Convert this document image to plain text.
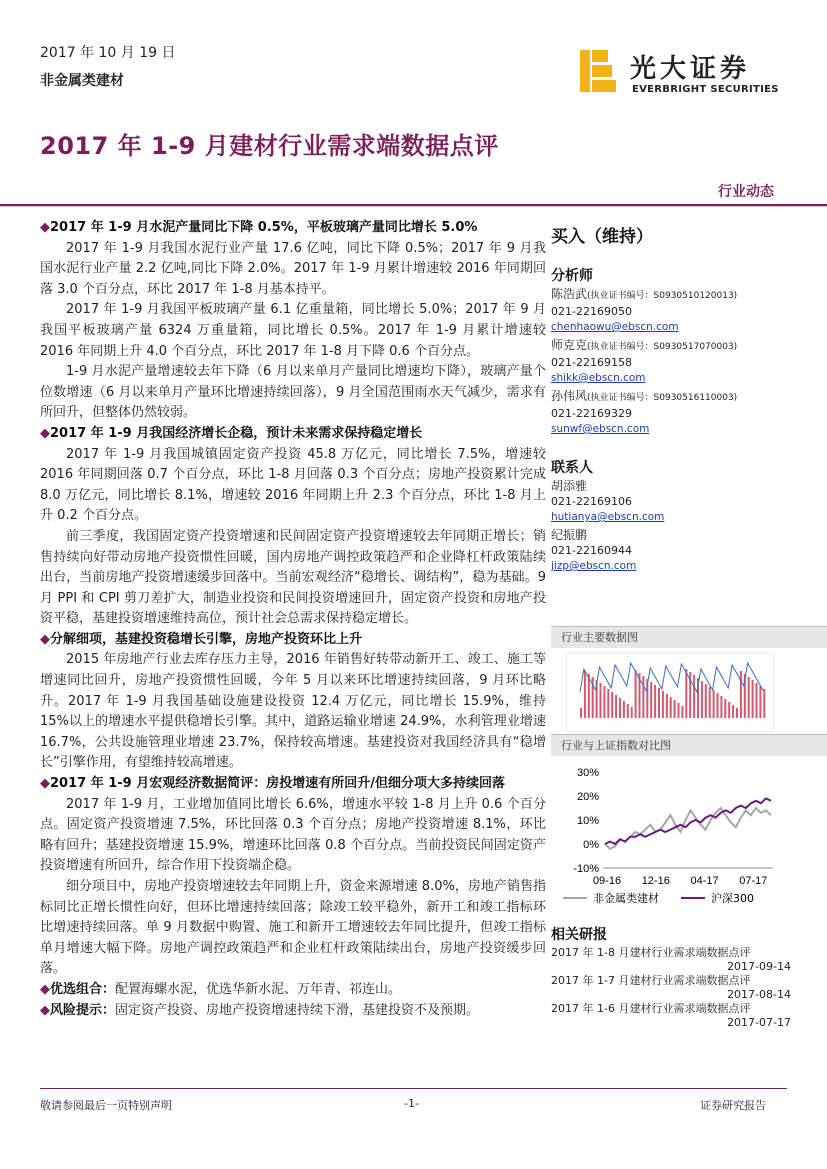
2017 年 10 月 19 日
非金属类建材
2017 年 1-9 月建材行业需求端数据点评
光大证券
EVERBRIGHT SECURITIES
行业动态
◆2017 年 1-9 月水泥产量同比下降 0.5%，平板玻璃产量同比增长 5.0%

2017 年 1-9 月我国水泥行业产量 17.6 亿吨，同比下降 0.5%；2017 年 9 月我国水泥行业产量 2.2 亿吨,同比下降 2.0%。2017 年 1-9 月累计增速较 2016 年同期回落 3.0 个百分点，环比 2017 年 1-8 月基本持平。

2017 年 1-9 月我国平板玻璃产量 6.1 亿重量箱，同比增长 5.0%；2017 年 9 月我国平板玻璃产量 6324 万重量箱，同比增长 0.5%。2017 年 1-9 月累计增速较 2016 年同期上升 4.0 个百分点，环比 2017 年 1-8 月下降 0.6 个百分点。

1-9 月水泥产量增速较去年下降（6 月以来单月产量同比增速均下降），玻璃产量个位数增速（6 月以来单月产量环比增速持续回落），9 月全国范围雨水天气减少，需求有所回升，但整体仍然较弱。

◆2017 年 1-9 月我国经济增长企稳，预计未来需求保持稳定增长

2017 年 1-9 月我国城镇固定资产投资 45.8 万亿元，同比增长 7.5%，增速较 2016 年同期回落 0.7 个百分点，环比 1-8 月回落 0.3 个百分点；房地产投资累计完成 8.0 万亿元，同比增长 8.1%，增速较 2016 年同期上升 2.3 个百分点，环比 1-8 月上升 0.2 个百分点。

前三季度，我国固定资产投资增速和民间固定资产投资增速较去年同期正增长；销售持续向好带动房地产投资惯性回暖，国内房地产调控政策趋严和企业降杠杆政策陆续出台，当前房地产投资增速缓步回落中。当前宏观经济“稳增长、调结构”，稳为基础。9 月 PPI 和 CPI 剪刀差扩大，制造业投资和民间投资增速回升，固定资产投资和房地产投资平稳，基建投资增速维持高位，预计社会总需求保持稳定增长。

◆分解细项，基建投资稳增长引擎，房地产投资环比上升

2015 年房地产行业去库存压力主导，2016 年销售好转带动新开工、竣工、施工等增速同比回升，房地产投资惯性回暖，今年 5 月以来环比增速持续回落，9 月环比略升。2017 年 1-9 月我国基础设施建设投资 12.4 万亿元，同比增长 15.9%，维持 15%以上的增速水平提供稳增长引擎。其中，道路运输业增速 24.9%，水利管理业增速 16.7%，公共设施管理业增速 23.7%，保持较高增速。基建投资对我国经济具有“稳增长”引擎作用，有望维持较高增速。

◆2017 年 1-9 月宏观经济数据简评：房投增速有所回升/但细分项大多持续回落

2017 年 1-9 月，工业增加值同比增长 6.6%，增速水平较 1-8 月上升 0.6 个百分点。固定资产投资增速 7.5%，环比回落 0.3 个百分点；房地产投资增速 8.1%，环比略有回升；基建投资增速 15.9%，增速环比回落 0.8 个百分点。当前投资民间固定资产投资增速有所回升，综合作用下投资端企稳。

细分项目中，房地产投资增速较去年同期上升，资金来源增速 8.0%，房地产销售指标同比正增长惯性向好，但环比增速持续回落；除竣工较平稳外，新开工和竣工指标环比增速持续回落。单 9 月数据中购置、施工和新开工增速较去年同比提升，但竣工指标单月增速大幅下降。房地产调控政策趋严和企业杠杆政策陆续出台，房地产投资缓步回落。

◆优选组合：配置海螺水泥，优选华新水泥、万年青、祁连山。
◆风险提示：固定资产投资、房地产投资增速持续下滑，基建投资不及预期。
买入（维持）
分析师
陈浩武(执业证书编号：S0930510120013)
021-22169050
chenhaowu@ebscn.com
师克克(执业证书编号：S0930517070003)
021-22169158
shikk@ebscn.com
孙伟风(执业证书编号：S0930516110003)
021-22169329
sunwf@ebscn.com
联系人
胡添雅
021-22169106
hutianya@ebscn.com
纪振鹏
021-22160944
jizp@ebscn.com
行业主要数据图
行业与上证指数对比图
30%
20%
10%
0%
-10%
09-16 12-16 04-17 07-17
非金属类建材	沪深300
相关研报
2017 年 1-8 月建材行业需求端数据点评
2017-09-14
2017 年 1-7 月建材行业需求端数据点评
2017-08-14
2017 年 1-6 月建材行业需求端数据点评
2017-07-17
敬请参阅最后一页特别声明	-1-	证券研究报告
